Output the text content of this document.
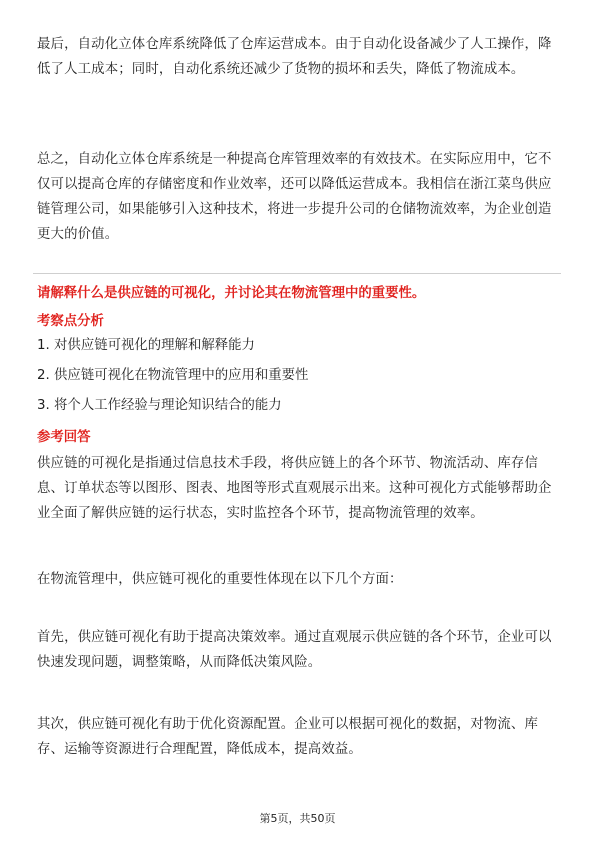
最后，自动化立体仓库系统降低了仓库运营成本。由于自动化设备减少了人工操作，降低了人工成本；同时，自动化系统还减少了货物的损坏和丢失，降低了物流成本。

总之，自动化立体仓库系统是一种提高仓库管理效率的有效技术。在实际应用中，它不仅可以提高仓库的存储密度和作业效率，还可以降低运营成本。我相信在浙江菜鸟供应链管理公司，如果能够引入这种技术，将进一步提升公司的仓储物流效率，为企业创造更大的价值。

请解释什么是供应链的可视化，并讨论其在物流管理中的重要性。

考察点分析

1. 对供应链可视化的理解和解释能力

2. 供应链可视化在物流管理中的应用和重要性

3. 将个人工作经验与理论知识结合的能力

参考回答

供应链的可视化是指通过信息技术手段，将供应链上的各个环节、物流活动、库存信息、订单状态等以图形、图表、地图等形式直观展示出来。这种可视化方式能够帮助企业全面了解供应链的运行状态，实时监控各个环节，提高物流管理的效率。

在物流管理中，供应链可视化的重要性体现在以下几个方面：

首先，供应链可视化有助于提高决策效率。通过直观展示供应链的各个环节，企业可以快速发现问题，调整策略，从而降低决策风险。

其次，供应链可视化有助于优化资源配置。企业可以根据可视化的数据，对物流、库存、运输等资源进行合理配置，降低成本，提高效益。

第5页，共50页
